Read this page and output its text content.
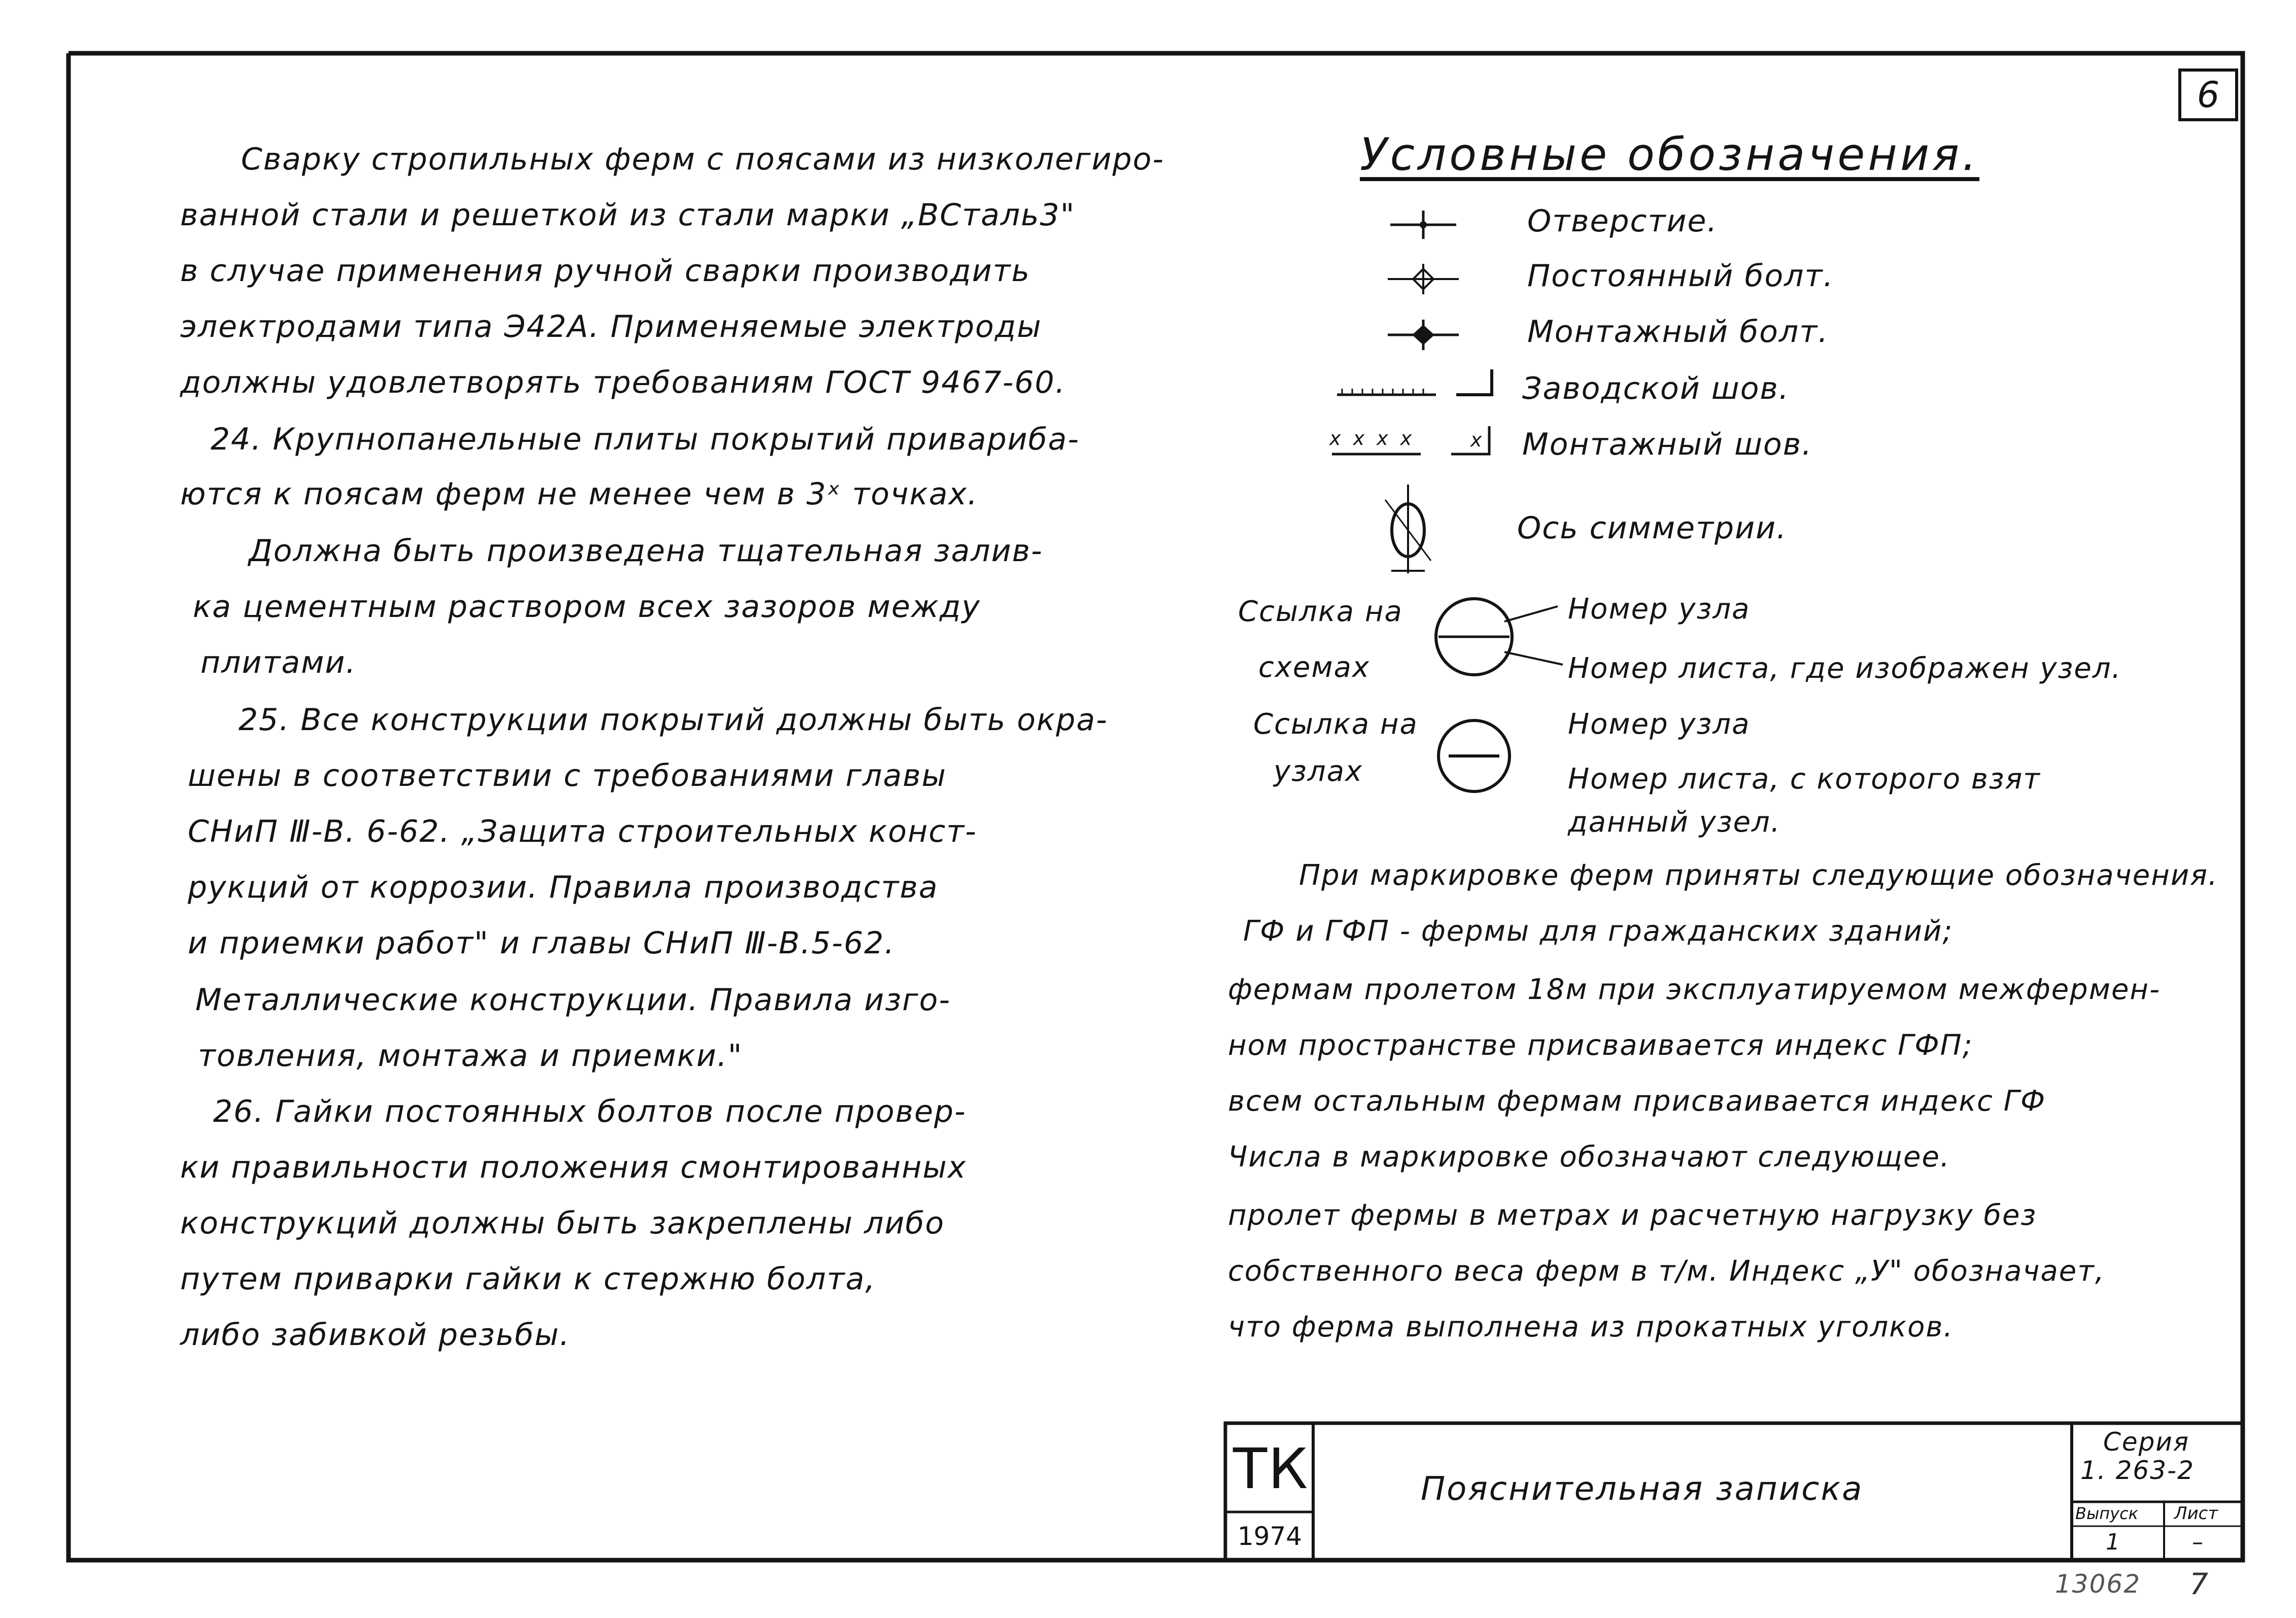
6
Сварку стропильных ферм с поясами из низколегиро-
ванной стали и решеткой из стали марки „ВСталь3"
в случае применения ручной сварки производить
электродами типа Э42А. Применяемые электроды
должны удовлетворять требованиям ГОСТ 9467-60.
24. Крупнопанельные плиты покрытий привариба-
ются к поясам ферм не менее чем в 3ˣ точках.
Должна быть произведена тщательная залив-
ка цементным раствором всех зазоров между
плитами.
25. Все конструкции покрытий должны быть окра-
шены в соответствии с требованиями главы
СНиП Ⅲ-В. 6-62. „Защита строительных конст-
рукций от коррозии. Правила производства
и приемки работ" и главы СНиП Ⅲ-В.5-62.
Металлические конструкции. Правила изго-
товления, монтажа и приемки."
26. Гайки постоянных болтов после провер-
ки правильности положения смонтированных
конструкций должны быть закреплены либо
путем приварки гайки к стержню болта,
либо забивкой резьбы.
Условные обозначения.
x x x x	x
Отверстие.
Постоянный болт.
Монтажный болт.
Заводской шов.
Монтажный шов.
Ось симметрии.
Ссылка на
схемах
Номер узла
Номер листа, где изображен узел.
Ссылка на
узлах
Номер узла
Номер листа, с которого взят
данный узел.
При маркировке ферм приняты следующие обозначения.
ГФ и ГФП - фермы для гражданских зданий;
фермам пролетом 18м при эксплуатируемом межфермен-
ном пространстве присваивается индекс ГФП;
всем остальным фермам присваивается индекс ГФ
Числа в маркировке обозначают следующее.
пролет фермы в метрах и расчетную нагрузку без
собственного веса ферм в т/м. Индекс „У" обозначает,
что ферма выполнена из прокатных уголков.
ТК
1974
Пояснительная записка
Серия
1. 263-2
Выпуск
1
Лист
–
13062 7
